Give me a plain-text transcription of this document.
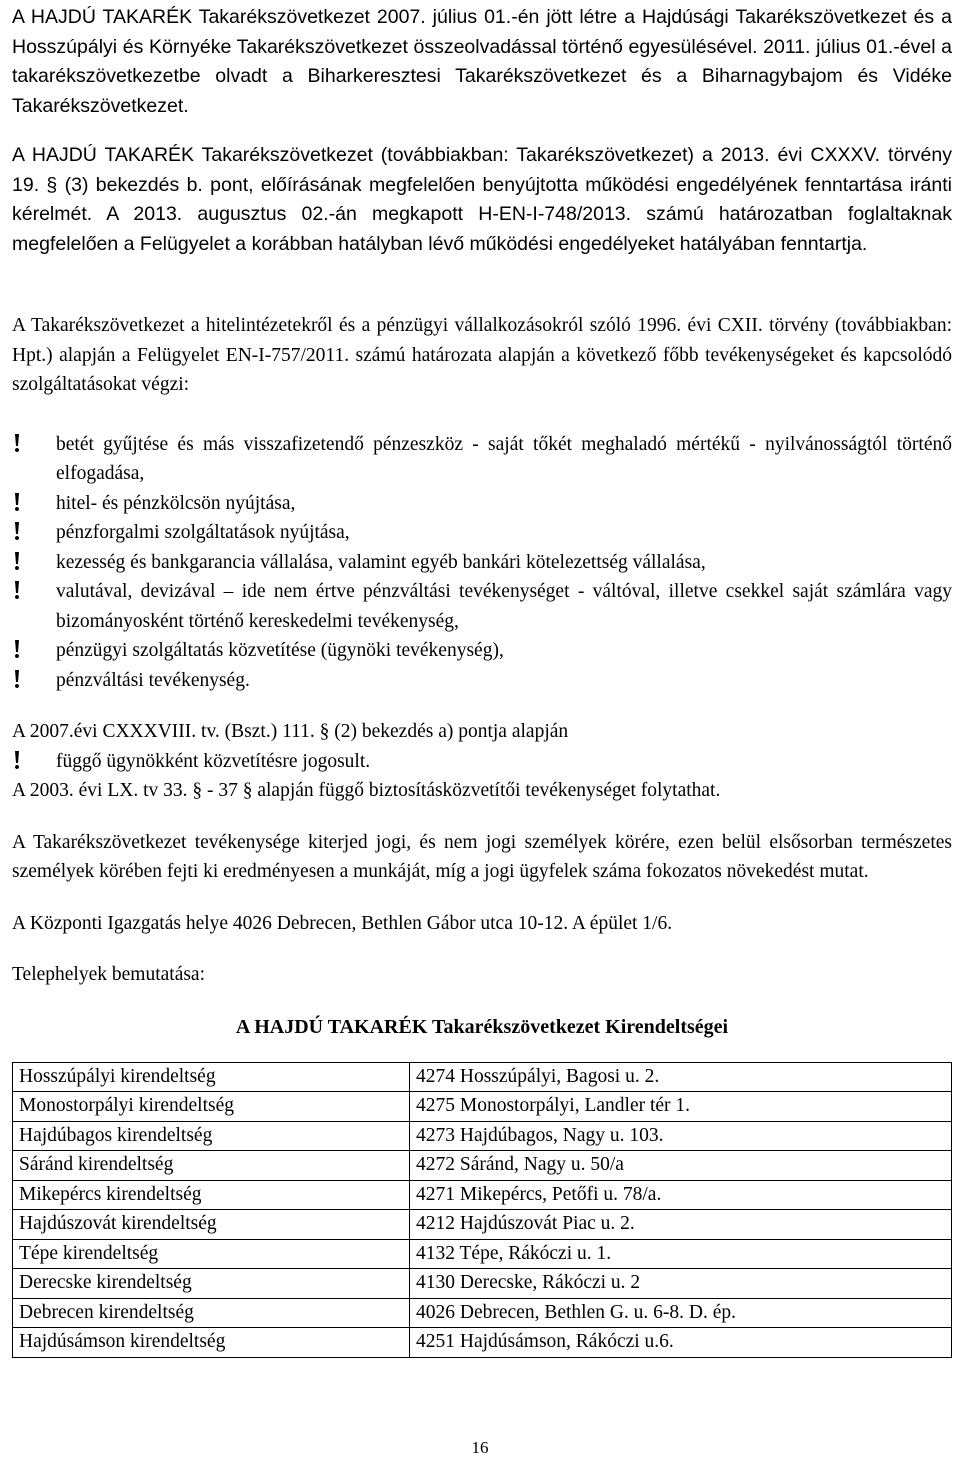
A HAJDÚ TAKARÉK Takarékszövetkezet 2007. július 01.-én jött létre a Hajdúsági Takarékszövetkezet és a Hosszúpályi és Környéke Takarékszövetkezet összeolvadással történő egyesülésével. 2011. július 01.-ével a takarékszövetkezetbe olvadt a Biharkeresztesi Takarékszövetkezet és a Biharnagybajom és Vidéke Takarékszövetkezet.

A HAJDÚ TAKARÉK Takarékszövetkezet (továbbiakban: Takarékszövetkezet) a 2013. évi CXXXV. törvény 19. § (3) bekezdés b. pont, előírásának megfelelően benyújtotta működési engedélyének fenntartása iránti kérelmét. A 2013. augusztus 02.-án megkapott H-EN-I-748/2013. számú határozatban foglaltaknak megfelelően a Felügyelet a korábban hatályban lévő működési engedélyeket hatályában fenntartja.

A Takarékszövetkezet a hitelintézetekről és a pénzügyi vállalkozásokról szóló 1996. évi CXII. törvény (továbbiakban: Hpt.) alapján a Felügyelet EN-I-757/2011. számú határozata alapján a következő főbb tevékenységeket és kapcsolódó szolgáltatásokat végzi:

betét gyűjtése és más visszafizetendő pénzeszköz - saját tőkét meghaladó mértékű - nyilvánosságtól történő elfogadása,
hitel- és pénzkölcsön nyújtása,
pénzforgalmi szolgáltatások nyújtása,
kezesség és bankgarancia vállalása, valamint egyéb bankári kötelezettség vállalása,
valutával, devizával – ide nem értve pénzváltási tevékenységet - váltóval, illetve csekkel saját számlára vagy bizományosként történő kereskedelmi tevékenység,
pénzügyi szolgáltatás közvetítése (ügynöki tevékenység),
pénzváltási tevékenység.

A 2007.évi CXXXVIII. tv. (Bszt.) 111. § (2) bekezdés a) pontja alapján

függő ügynökként közvetítésre jogosult.

A 2003. évi LX. tv 33. § - 37 § alapján függő biztosításközvetítői tevékenységet folytathat.

A Takarékszövetkezet tevékenysége kiterjed jogi, és nem jogi személyek körére, ezen belül elsősorban természetes személyek körében fejti ki eredményesen a munkáját, míg a jogi ügyfelek száma fokozatos növekedést mutat.

A Központi Igazgatás helye 4026 Debrecen, Bethlen Gábor utca 10-12. A épület 1/6.

Telephelyek bemutatása:

A HAJDÚ TAKARÉK Takarékszövetkezet Kirendeltségei
Hosszúpályi kirendeltség	4274 Hosszúpályi, Bagosi u. 2.
Monostorpályi kirendeltség	4275 Monostorpályi, Landler tér 1.
Hajdúbagos kirendeltség	4273 Hajdúbagos, Nagy u. 103.
Sáránd kirendeltség	4272 Sáránd, Nagy u. 50/a
Mikepércs kirendeltség	4271 Mikepércs, Petőfi u. 78/a.
Hajdúszovát kirendeltség	4212 Hajdúszovát Piac u. 2.
Tépe kirendeltség	4132 Tépe, Rákóczi u. 1.
Derecske kirendeltség	4130 Derecske, Rákóczi u. 2
Debrecen kirendeltség	4026 Debrecen, Bethlen G. u. 6-8. D. ép.
Hajdúsámson kirendeltség	4251 Hajdúsámson, Rákóczi u.6.
16
